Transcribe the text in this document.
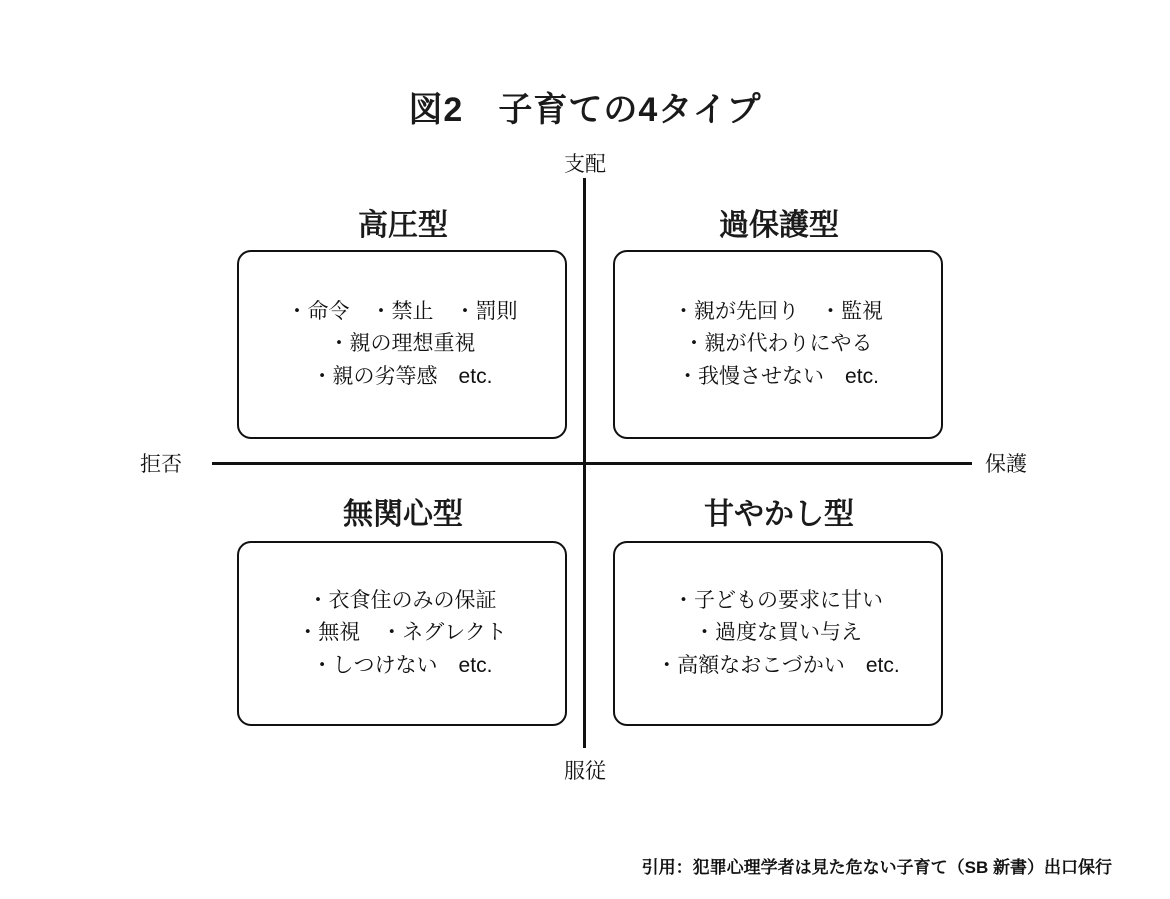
図2　子育ての4タイプ
支配
服従
拒否	保護
高圧型
・命令　・禁止　・罰則
・親の理想重視
・親の劣等感　etc.
過保護型
・親が先回り　・監視
・親が代わりにやる
・我慢させない　etc.
無関心型
・衣食住のみの保証
・無視　・ネグレクト
・しつけない　etc.
甘やかし型
・子どもの要求に甘い
・過度な買い与え
・高額なおこづかい　etc.
引用：犯罪心理学者は見た危ない子育て（SB 新書）出口保行
